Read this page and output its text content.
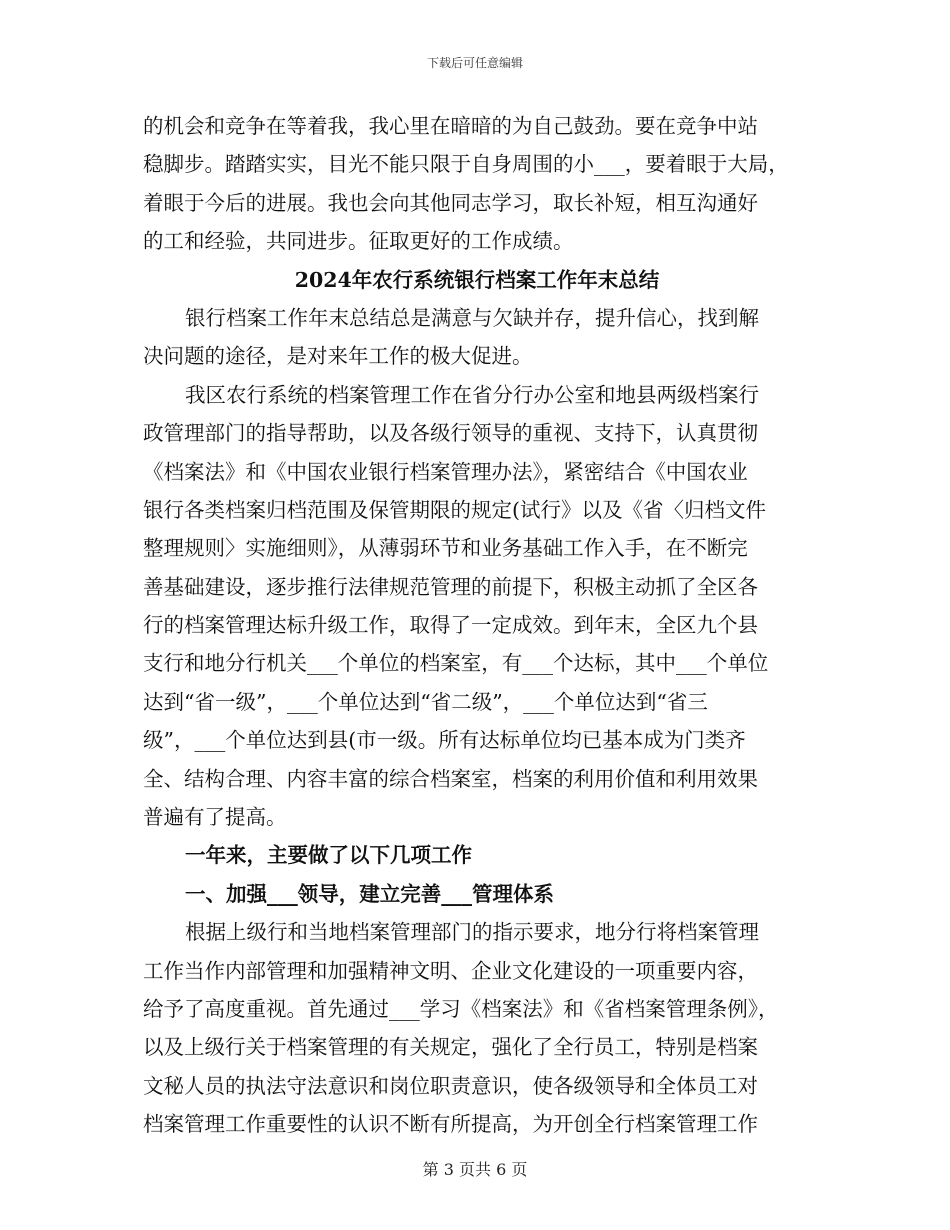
下载后可任意编辑
的机会和竞争在等着我，我心里在暗暗的为自己鼓劲。要在竞争中站
稳脚步。踏踏实实，目光不能只限于自身周围的小___，要着眼于大局，
着眼于今后的进展。我也会向其他同志学习，取长补短，相互沟通好
的工和经验，共同进步。征取更好的工作成绩。
2024年农行系统银行档案工作年末总结
银行档案工作年末总结总是满意与欠缺并存，提升信心，找到解
决问题的途径，是对来年工作的极大促进。
我区农行系统的档案管理工作在省分行办公室和地县两级档案行
政管理部门的指导帮助，以及各级行领导的重视、支持下，认真贯彻
《档案法》和《中国农业银行档案管理办法》，紧密结合《中国农业
银行各类档案归档范围及保管期限的规定(试行》以及《省〈归档文件
整理规则〉实施细则》，从薄弱环节和业务基础工作入手，在不断完
善基础建设，逐步推行法律规范管理的前提下，积极主动抓了全区各
行的档案管理达标升级工作，取得了一定成效。到年末，全区九个县
支行和地分行机关___个单位的档案室，有___个达标，其中___个单位
达到“省一级”，___个单位达到“省二级”，___个单位达到“省三
级”，___个单位达到县(市一级。所有达标单位均已基本成为门类齐
全、结构合理、内容丰富的综合档案室，档案的利用价值和利用效果
普遍有了提高。
一年来，主要做了以下几项工作
一、加强___领导，建立完善___管理体系
根据上级行和当地档案管理部门的指示要求，地分行将档案管理
工作当作内部管理和加强精神文明、企业文化建设的一项重要内容，
给予了高度重视。首先通过___学习《档案法》和《省档案管理条例》，
以及上级行关于档案管理的有关规定，强化了全行员工，特别是档案
文秘人员的执法守法意识和岗位职责意识，使各级领导和全体员工对
档案管理工作重要性的认识不断有所提高，为开创全行档案管理工作
第 3 页共 6 页
